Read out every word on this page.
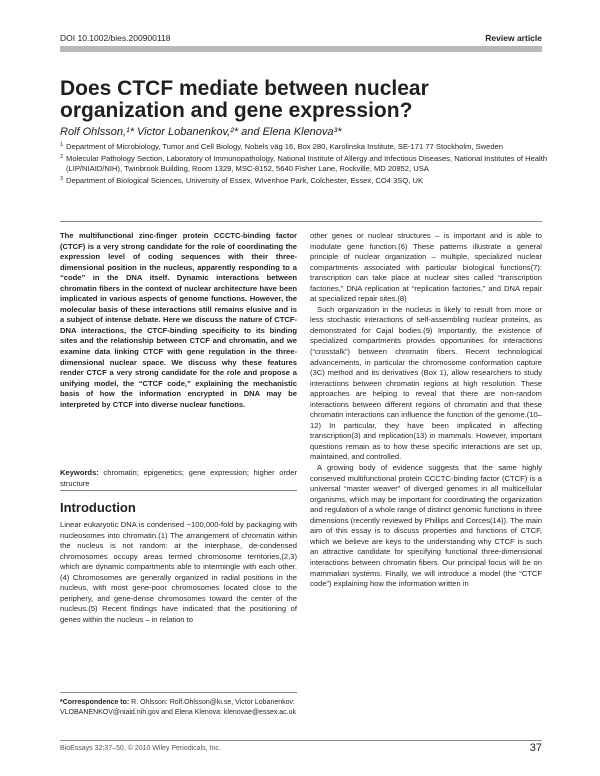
DOI 10.1002/bies.200900118	Review article
Does CTCF mediate between nuclear organization and gene expression?
Rolf Ohlsson,¹* Victor Lobanenkov,²* and Elena Klenova³*
1 Department of Microbiology, Tumor and Cell Biology, Nobels väg 16, Box 280, Karolinska Institute, SE-171 77 Stockholm, Sweden
2 Molecular Pathology Section, Laboratory of Immunopathology, National Institute of Allergy and Infectious Diseases, National Institutes of Health (LIP/NIAID/NIH), Twinbrook Building, Room 1329, MSC-8152, 5640 Fisher Lane, Rockville, MD 20852, USA
3 Department of Biological Sciences, University of Essex, Wivenhoe Park, Colchester, Essex, CO4 3SQ, UK
The multifunctional zinc-finger protein CCCTC-binding factor (CTCF) is a very strong candidate for the role of coordinating the expression level of coding sequences with their three-dimensional position in the nucleus, apparently responding to a “code” in the DNA itself. Dynamic interactions between chromatin fibers in the context of nuclear architecture have been implicated in various aspects of genome functions. However, the molecular basis of these interactions still remains elusive and is a subject of intense debate. Here we discuss the nature of CTCF-DNA interactions, the CTCF-binding specificity to its binding sites and the relationship between CTCF and chromatin, and we examine data linking CTCF with gene regulation in the three-dimensional nuclear space. We discuss why these features render CTCF a very strong candidate for the role and propose a unifying model, the “CTCF code,” explaining the mechanistic basis of how the information encrypted in DNA may be interpreted by CTCF into diverse nuclear functions.
Keywords: chromatin; epigenetics; gene expression; higher order structure
Introduction

Linear eukaryotic DNA is condensed ~100,000-fold by packaging with nucleosomes into chromatin.(1) The arrangement of chromatin within the nucleus is not random: at the interphase, de-condensed chromosomes occupy areas termed chromosome territories,(2,3) which are dynamic compartments able to intermingle with each other.(4) Chromosomes are generally organized in radial positions in the nucleus, with most gene-poor chromosomes located close to the periphery, and gene-dense chromosomes toward the center of the nucleus.(5) Recent findings have indicated that the positioning of genes within the nucleus – in relation to

*Correspondence to: R. Ohlsson: Rolf.Ohlsson@ki.se, Victor Lobanenkov: VLOBANENKOV@niaid.nih.gov and Elena Klenova: klenovae@essex.ac.uk

other genes or nuclear structures – is important and is able to modulate gene function.(6) These patterns illustrate a general principle of nuclear organization – multiple, specialized nuclear compartments associated with particular biological functions(7): transcription can take place at nuclear sites called “transcription factories,” DNA replication at “replication factories,” and DNA repair at specialized repair sites.(8)

Such organization in the nucleus is likely to result from more or less stochastic interactions of self-assembling nuclear proteins, as demonstrated for Cajal bodies.(9) Importantly, the existence of specialized compartments provides opportunities for interactions (“crosstalk”) between chromatin fibers. Recent technological advancements, in particular the chromosome conformation capture (3C) method and its derivatives (Box 1), allow researchers to study interactions between chromatin regions at high resolution. These approaches are helping to reveal that there are non-random interactions between different regions of chromatin and that these chromatin interactions can influence the function of the genome.(10–12) In particular, they have been implicated in affecting transcription(3) and replication(13) in mammals. However, important questions remain as to how these specific interactions are set up, maintained, and controlled.

A growing body of evidence suggests that the same highly conserved multifunctional protein CCCTC-binding factor (CTCF) is a universal “master weaver” of diverged genomes in all multicellular organisms, which may be important for coordinating the organization and regulation of a whole range of distinct genomic functions in three dimensions (recently reviewed by Phillips and Corces(14)). The main aim of this essay is to discuss properties and functions of CTCF, which we believe are keys to the understanding why CTCF is such an attractive candidate for specifying functional three-dimensional interactions between chromatin fibers. Our principal focus will be on mammalian systems. Finally, we will introduce a model (the “CTCF code”) explaining how the information written in

BioEssays 32:37–50, © 2010 Wiley Periodicals, Inc.	37
